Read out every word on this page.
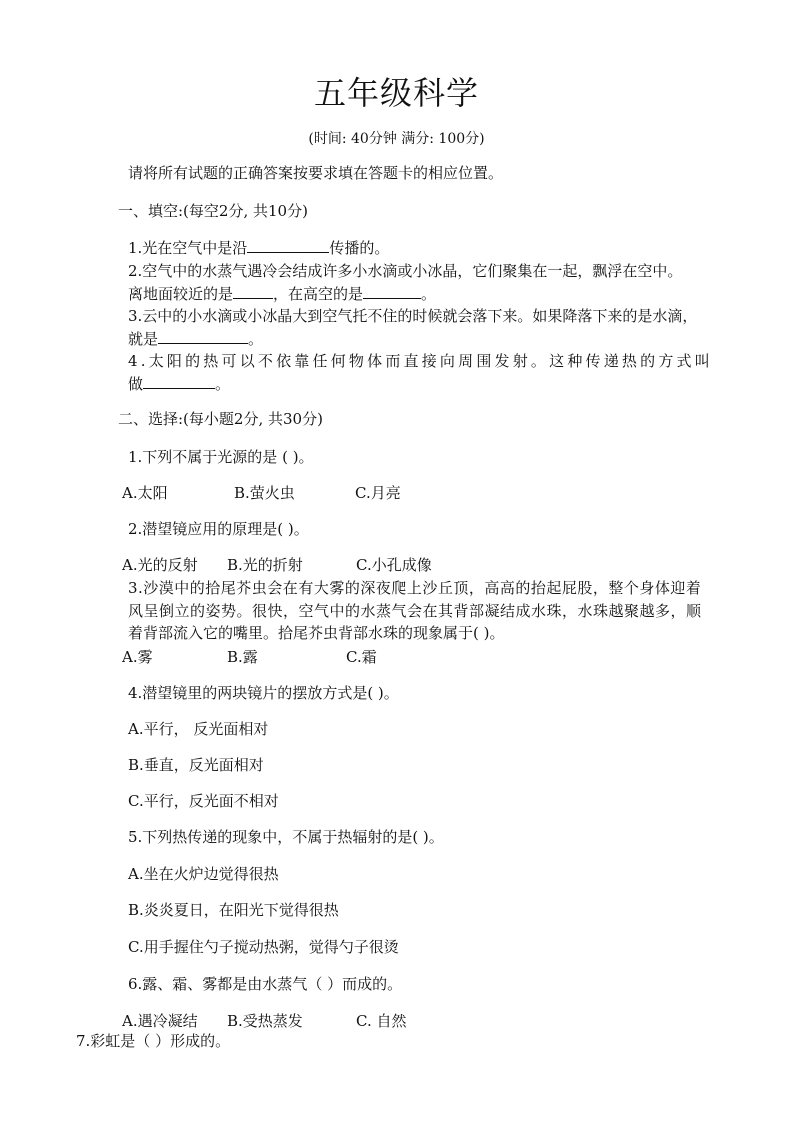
五年级科学
(时间: 40分钟 满分: 100分)
请将所有试题的正确答案按要求填在答题卡的相应位置。
一、填空:(每空2分, 共10分)
1.光在空气中是沿	传播的。
2.空气中的水蒸气遇冷会结成许多小水滴或小冰晶，它们聚集在一起，飘浮在空中。
离地面较近的是	，在高空的是	。
3.云中的小水滴或小冰晶大到空气托不住的时候就会落下来。如果降落下来的是水滴，
就是	。
4.太阳的热可以不依靠任何物体而直接向周围发射。这种传递热的方式叫
做	。
二、选择:(每小题2分, 共30分)
1.下列不属于光源的是 ( )。
A.太阳	B.萤火虫	C.月亮
2.潜望镜应用的原理是( )。
A.光的反射 B.光的折射	C.小孔成像
3.沙漠中的拾尾芥虫会在有大雾的深夜爬上沙丘顶，高高的抬起屁股，整个身体迎着
风呈倒立的姿势。很快，空气中的水蒸气会在其背部凝结成水珠，水珠越聚越多，顺
着背部流入它的嘴里。拾尾芥虫背部水珠的现象属于( )。
A.雾	B.露	C.霜
4.潜望镜里的两块镜片的摆放方式是( )。
A.平行， 反光面相对
B.垂直，反光面相对
C.平行，反光面不相对
5.下列热传递的现象中，不属于热辐射的是( )。
A.坐在火炉边觉得很热
B.炎炎夏日，在阳光下觉得很热
C.用手握住勺子搅动热粥，觉得勺子很烫
6.露、霜、雾都是由水蒸气（ ）而成的。
A.遇冷凝结 B.受热蒸发	C. 自然
7.彩虹是（ ）形成的。
